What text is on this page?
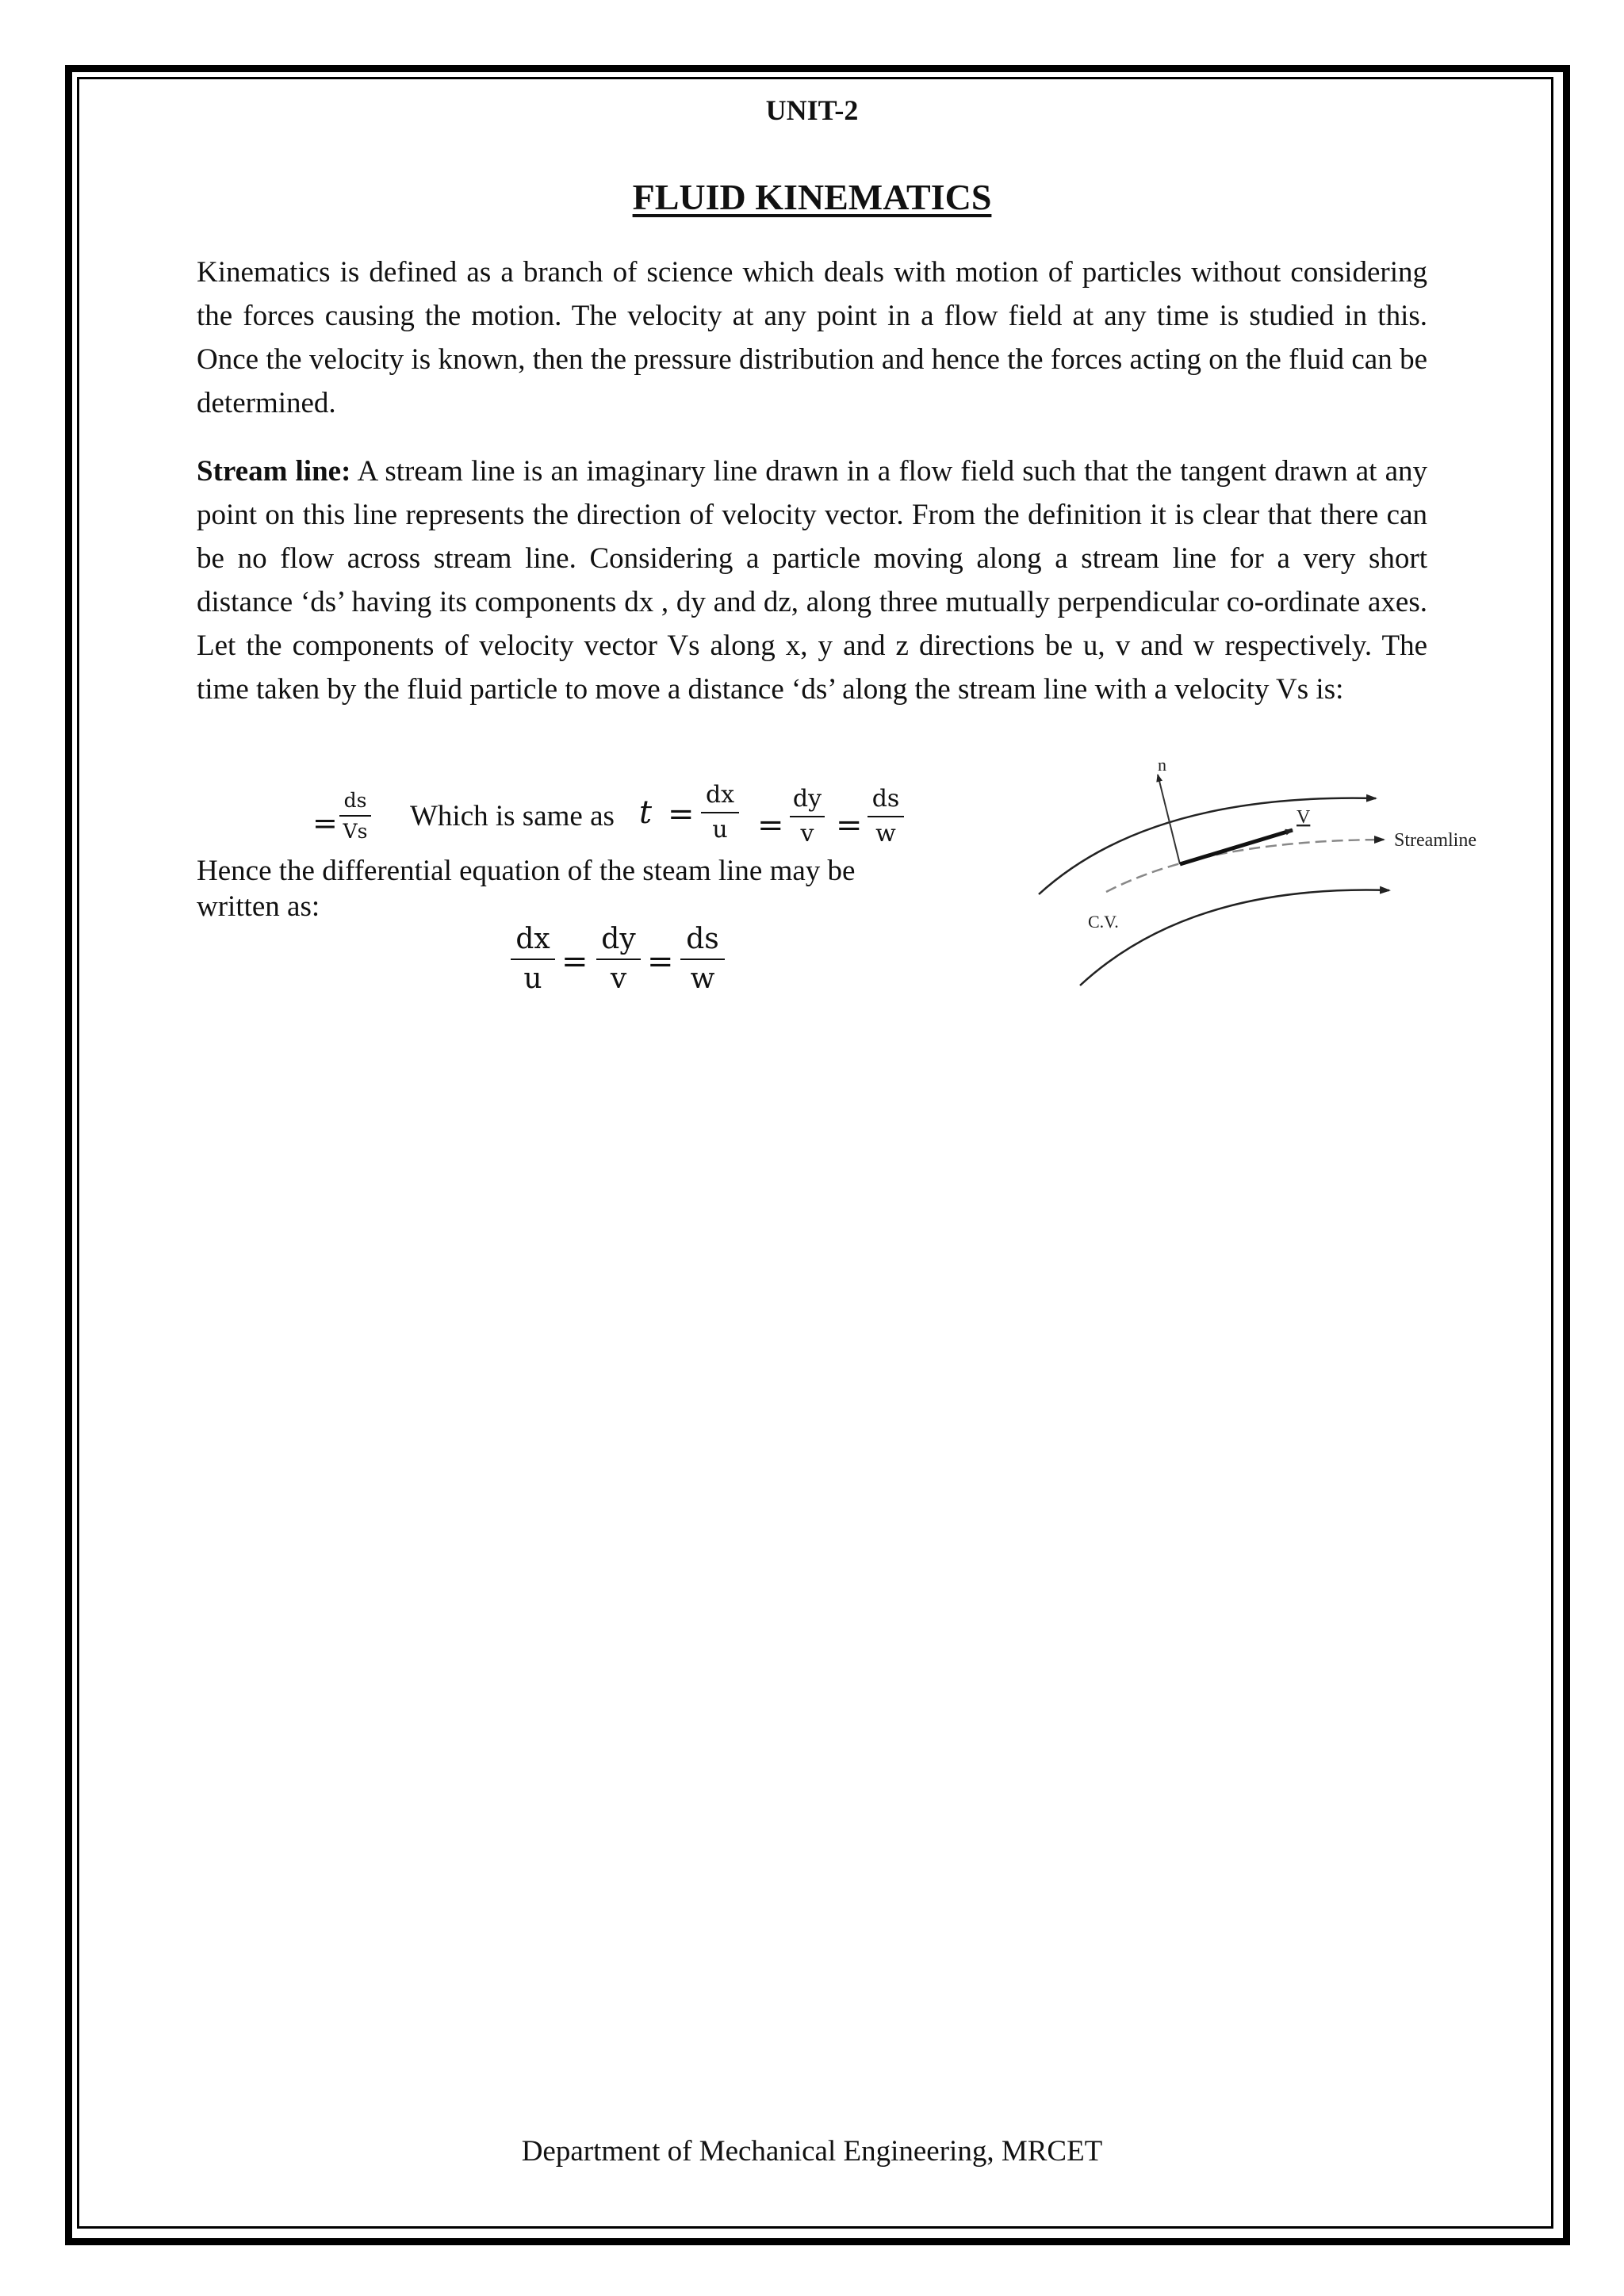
UNIT-2
FLUID KINEMATICS
Kinematics is defined as a branch of science which deals with motion of particles without considering the forces causing the motion. The velocity at any point in a flow field at any time is studied in this. Once the velocity is known, then the pressure distribution and hence the forces acting on the fluid can be determined.
Stream line: A stream line is an imaginary line drawn in a flow field such that the tangent drawn at any point on this line represents the direction of velocity vector. From the definition it is clear that there can be no flow across stream line. Considering a particle moving along a stream line for a very short distance ‘ds’ having its components dx , dy and dz, along three mutually perpendicular co-ordinate axes. Let the components of velocity vector Vs along x, y and z directions be u, v and w respectively. The time taken by the fluid particle to move a distance ‘ds’ along the stream line with a velocity Vs is:
=
ds
Vs Which is same as t =
dx
u =
dy
v =
ds
w
Hence the differential equation of the steam line may be
written as:
dx
u =
dy
v =
ds
w
n
V
Streamline
C.V.
Department of Mechanical Engineering, MRCET
